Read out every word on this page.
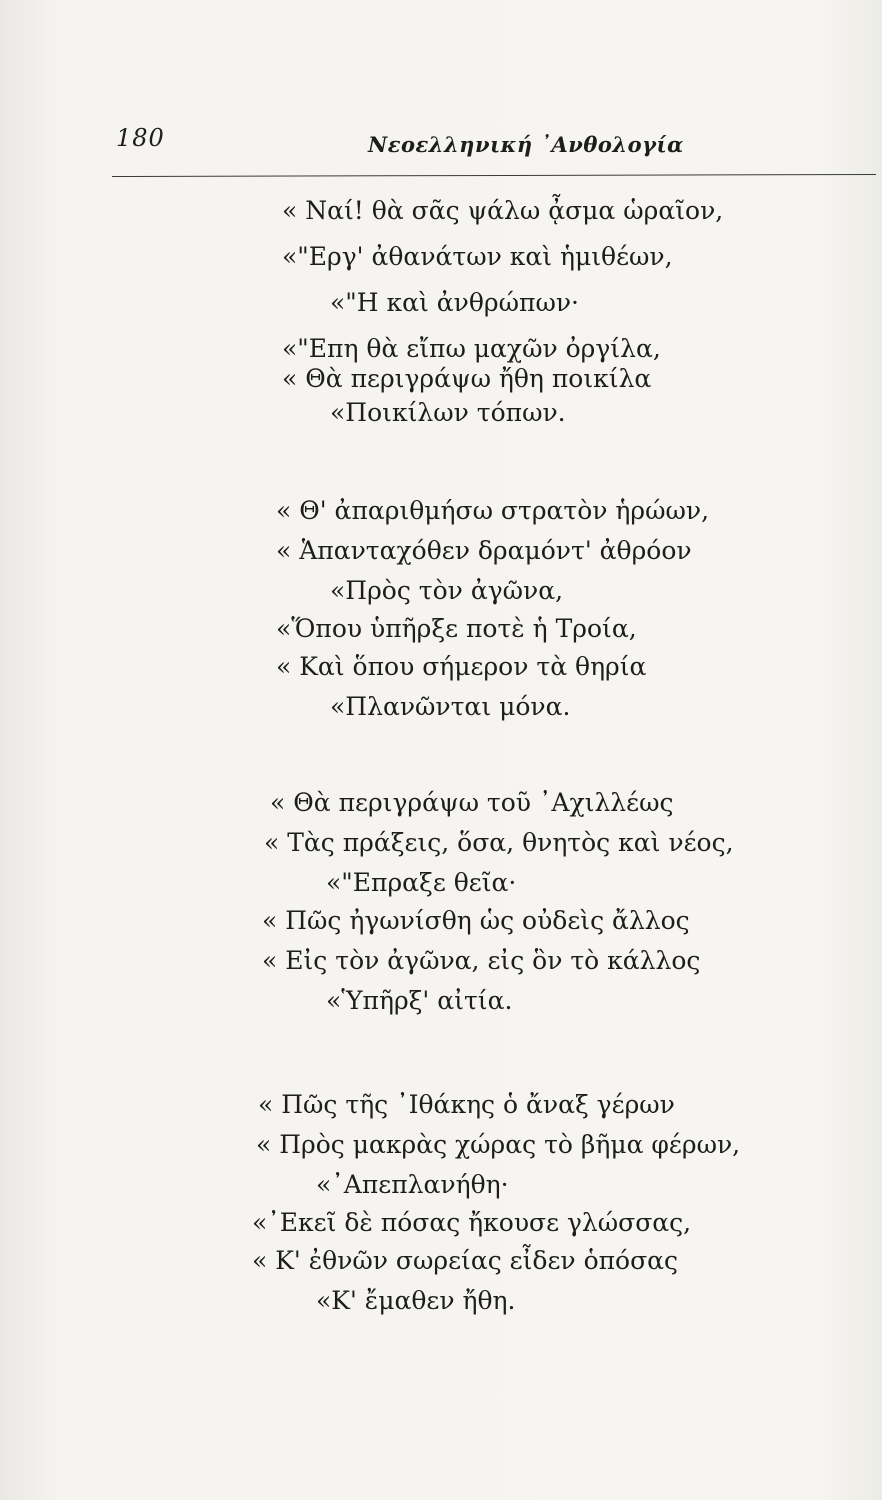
180	Νεοελληνική ᾿Ανθολογία
« Ναί! θὰ σᾶς ψάλω ᾆσμα ὡραῖον,
«"Εργ' ἀθανάτων καὶ ἡμιθέων,
«"Η καὶ ἀνθρώπων·
«"Επη θὰ εἴπω μαχῶν ὀργίλα,
« Θὰ περιγράψω ἤθη ποικίλα
«Ποικίλων τόπων.
« Θ' ἀπαριθμήσω στρατὸν ἡρώων,
« Ἁπανταχόθεν δραμόντ' ἀθρόον
«Πρὸς τὸν ἀγῶνα,
«Ὅπου ὑπῆρξε ποτὲ ἡ Τροία,
« Καὶ ὅπου σήμερον τὰ θηρία
«Πλανῶνται μόνα.
« Θὰ περιγράψω τοῦ ᾿Αχιλλέως
« Τὰς πράξεις, ὅσα, θνητὸς καὶ νέος,
«"Επραξε θεῖα·
« Πῶς ἠγωνίσθη ὡς οὐδεὶς ἄλλος
« Εἰς τὸν ἀγῶνα, εἰς ὃν τὸ κάλλος
«Ὑπῆρξ' αἰτία.
« Πῶς τῆς ᾿Ιθάκης ὁ ἄναξ γέρων
« Πρὸς μακρὰς χώρας τὸ βῆμα φέρων,
«᾿Απεπλανήθη·
«᾿Εκεῖ δὲ πόσας ἤκουσε γλώσσας,
« Κ' ἐθνῶν σωρείας εἶδεν ὁπόσας
«Κ' ἔμαθεν ἤθη.
